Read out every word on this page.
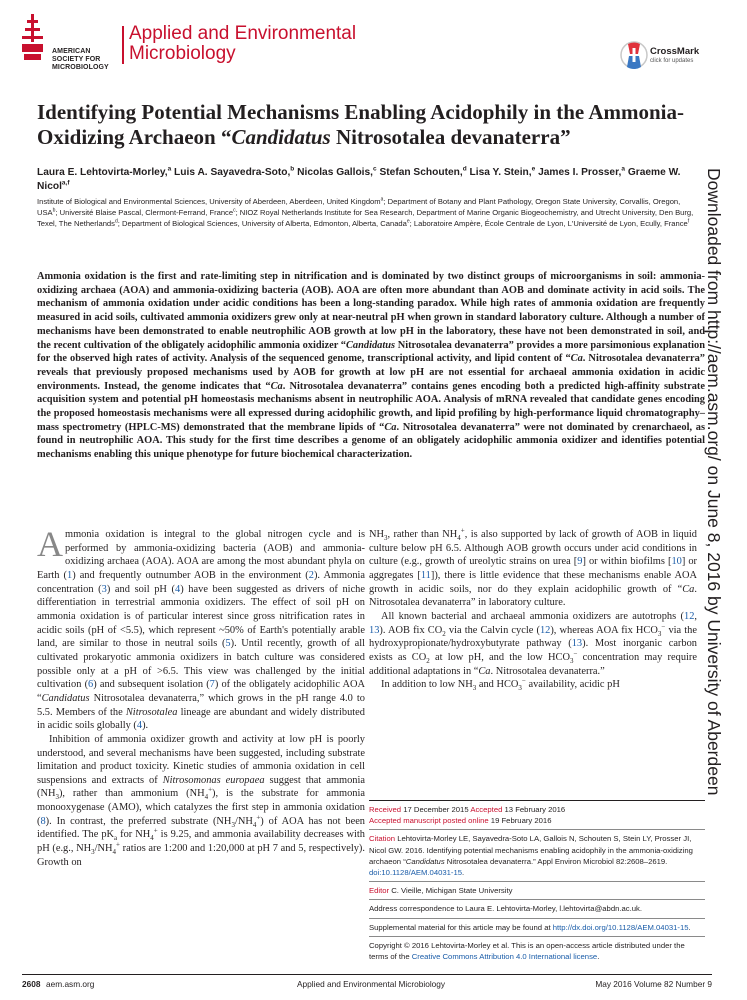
AMERICAN
SOCIETY FOR
MICROBIOLOGY
Applied and Environmental
Microbiology	CrossMark
click for updates
Identifying Potential Mechanisms Enabling Acidophily in the Ammonia-Oxidizing Archaeon “Candidatus Nitrosotalea devanaterra”
Laura E. Lehtovirta-Morley,$^a$ Luis A. Sayavedra-Soto,$^b$ Nicolas Gallois,$^c$ Stefan Schouten,$^d$ Lisa Y. Stein,$^e$ James I. Prosser,$^a$ Graeme W. Nicol$^{a,f}$
Institute of Biological and Environmental Sciences, University of Aberdeen, Aberdeen, United Kingdom$^a$; Department of Botany and Plant Pathology, Oregon State University, Corvallis, Oregon, USA$^b$; Université Blaise Pascal, Clermont-Ferrand, France$^c$; NIOZ Royal Netherlands Institute for Sea Research, Department of Marine Organic Biogeochemistry, and Utrecht University, Den Burg, Texel, The Netherlands$^d$; Department of Biological Sciences, University of Alberta, Edmonton, Alberta, Canada$^e$; Laboratoire Ampère, École Centrale de Lyon, L'Université de Lyon, Ecully, France$^f$
Ammonia oxidation is the first and rate-limiting step in nitrification and is dominated by two distinct groups of microorganisms in soil: ammonia-oxidizing archaea (AOA) and ammonia-oxidizing bacteria (AOB). AOA are often more abundant than AOB and dominate activity in acid soils. The mechanism of ammonia oxidation under acidic conditions has been a long-standing paradox. While high rates of ammonia oxidation are frequently measured in acid soils, cultivated ammonia oxidizers grew only at near-neutral pH when grown in standard laboratory culture. Although a number of mechanisms have been demonstrated to enable neutrophilic AOB growth at low pH in the laboratory, these have not been demonstrated in soil, and the recent cultivation of the obligately acidophilic ammonia oxidizer “Candidatus Nitrosotalea devanaterra” provides a more parsimonious explanation for the observed high rates of activity. Analysis of the sequenced genome, transcriptional activity, and lipid content of “Ca. Nitrosotalea devanaterra” reveals that previously proposed mechanisms used by AOB for growth at low pH are not essential for archaeal ammonia oxidation in acidic environments. Instead, the genome indicates that “Ca. Nitrosotalea devanaterra” contains genes encoding both a predicted high-affinity substrate acquisition system and potential pH homeostasis mechanisms absent in neutrophilic AOA. Analysis of mRNA revealed that candidate genes encoding the proposed homeostasis mechanisms were all expressed during acidophilic growth, and lipid profiling by high-performance liquid chromatography–mass spectrometry (HPLC-MS) demonstrated that the membrane lipids of “Ca. Nitrosotalea devanaterra” were not dominated by crenarchaeol, as found in neutrophilic AOA. This study for the first time describes a genome of an obligately acidophilic ammonia oxidizer and identifies potential mechanisms enabling this unique phenotype for future biochemical characterization.

Ammonia oxidation is integral to the global nitrogen cycle and is performed by ammonia-oxidizing bacteria (AOB) and ammonia-oxidizing archaea (AOA). AOA are among the most abundant phyla on Earth (1) and frequently outnumber AOB in the environment (2). Ammonia concentration (3) and soil pH (4) have been suggested as drivers of niche differentiation in terrestrial ammonia oxidizers. The effect of soil pH on ammonia oxidation is of particular interest since gross nitrification rates in acidic soils (pH of <5.5), which represent ~50% of Earth's potentially arable land, are similar to those in neutral soils (5). Until recently, growth of all cultivated prokaryotic ammonia oxidizers in batch culture was considered possible only at a pH of >6.5. This view was challenged by the initial cultivation (6) and subsequent isolation (7) of the obligately acidophilic AOA “Candidatus Nitrosotalea devanaterra,” which grows in the pH range 4.0 to 5.5. Members of the Nitrosotalea lineage are abundant and widely distributed in acidic soils globally (4).

Inhibition of ammonia oxidizer growth and activity at low pH is poorly understood, and several mechanisms have been suggested, including substrate limitation and product toxicity. Kinetic studies of ammonia oxidation in cell suspensions and extracts of Nitrosomonas europaea suggest that ammonia $(NH_3)$, rather than ammonium $(NH_4^+)$, is the substrate for ammonia monooxygenase (AMO), which catalyzes the first step in ammonia oxidation (8). In contrast, the preferred substrate $(NH_3/NH_4^+)$ of AOA has not been identified. The $pK_a$ for $NH_4^+$ is 9.25, and ammonia availability decreases with pH (e.g., $NH_3/NH_4^+$ ratios are 1:200 and 1:20,000 at pH 7 and 5, respectively). Growth on

$NH_3$, rather than $NH_4^+$, is also supported by lack of growth of AOB in liquid culture below pH 6.5. Although AOB growth occurs under acid conditions in culture (e.g., growth of ureolytic strains on urea [9] or within biofilms [10] or aggregates [11]), there is little evidence that these mechanisms enable AOA growth in acidic soils, nor do they explain acidophilic growth of “Ca. Nitrosotalea devanaterra” in laboratory culture.

All known bacterial and archaeal ammonia oxidizers are autotrophs (12, 13). AOB fix $CO_2$ via the Calvin cycle (12), whereas AOA fix $HCO_3^-$ via the hydroxypropionate/hydroxybutyrate pathway (13). Most inorganic carbon exists as $CO_2$ at low pH, and the low $HCO_3^-$ concentration may require additional adaptations in “Ca. Nitrosotalea devanaterra.”

In addition to low $NH_3$ and $HCO_3^-$ availability, acidic pH

Received 17 December 2015 Accepted 13 February 2016
Accepted manuscript posted online 19 February 2016
Citation Lehtovirta-Morley LE, Sayavedra-Soto LA, Gallois N, Schouten S, Stein LY, Prosser JI, Nicol GW. 2016. Identifying potential mechanisms enabling acidophily in the ammonia-oxidizing archaeon “Candidatus Nitrosotalea devanaterra.” Appl Environ Microbiol 82:2608–2619. doi:10.1128/AEM.04031-15.
Editor C. Vieille, Michigan State University
Address correspondence to Laura E. Lehtovirta-Morley, l.lehtovirta@abdn.ac.uk.
Supplemental material for this article may be found at http://dx.doi.org/10.1128/AEM.04031-15.
Copyright © 2016 Lehtovirta-Morley et al. This is an open-access article distributed under the terms of the Creative Commons Attribution 4.0 International license.
Downloaded from http://aem.asm.org/ on June 8, 2016 by University of Aberdeen
2608 aem.asm.org	Applied and Environmental Microbiology	May 2016 Volume 82 Number 9
